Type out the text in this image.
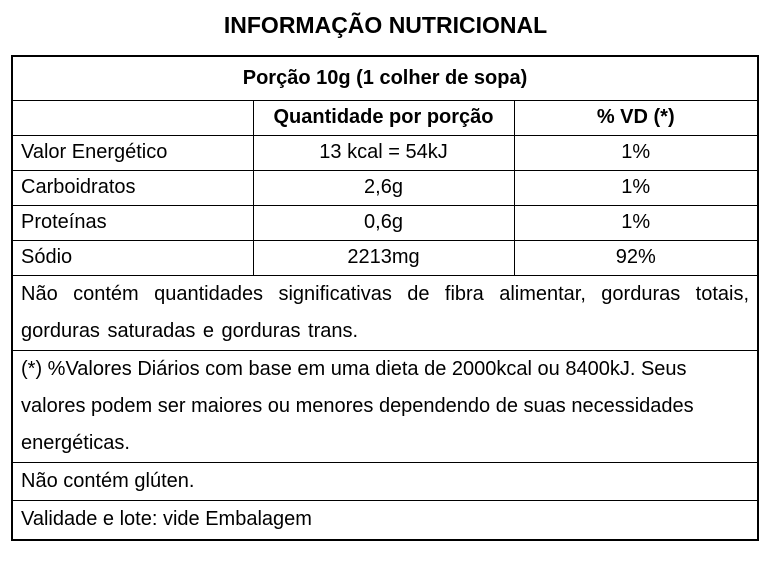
INFORMAÇÃO NUTRICIONAL
Porção 10g (1 colher de sopa)		
	Quantidade por porção	% VD (*)
Valor Energético	13 kcal = 54kJ	1%
Carboidratos	2,6g	1%
Proteínas	0,6g	1%
Sódio	2213mg	92%
Não contém quantidades significativas de fibra alimentar, gorduras totais, gorduras saturadas e gorduras trans.		
(*) %Valores Diários com base em uma dieta de 2000kcal ou 8400kJ. Seus valores podem ser maiores ou menores dependendo de suas necessidades energéticas.		
Não contém glúten.		
Validade e lote: vide Embalagem		
